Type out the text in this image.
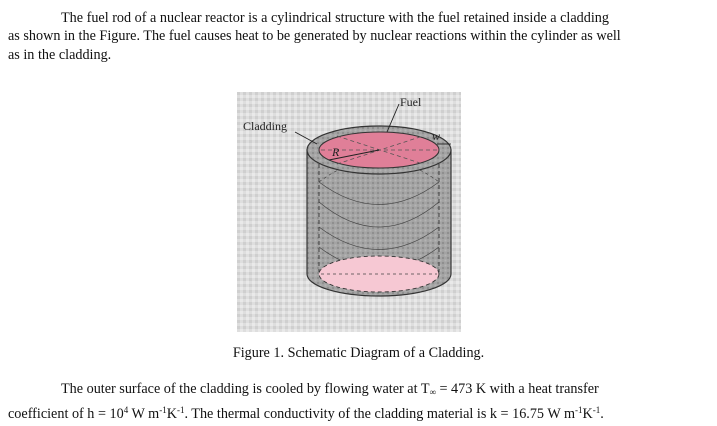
The fuel rod of a nuclear reactor is a cylindrical structure with the fuel retained inside a cladding
as shown in the Figure. The fuel causes heat to be generated by nuclear reactions within the cylinder as well
as in the cladding.
Fuel
Cladding
R
w
Figure 1. Schematic Diagram of a Cladding.
The outer surface of the cladding is cooled by flowing water at $T_\infty = 473$ K with a heat transfer
coefficient of $h = 10^4$ W $m^{-1}K^{-1}$. The thermal conductivity of the cladding material is k = 16.75 W $m^{-1}K^{-1}$.
